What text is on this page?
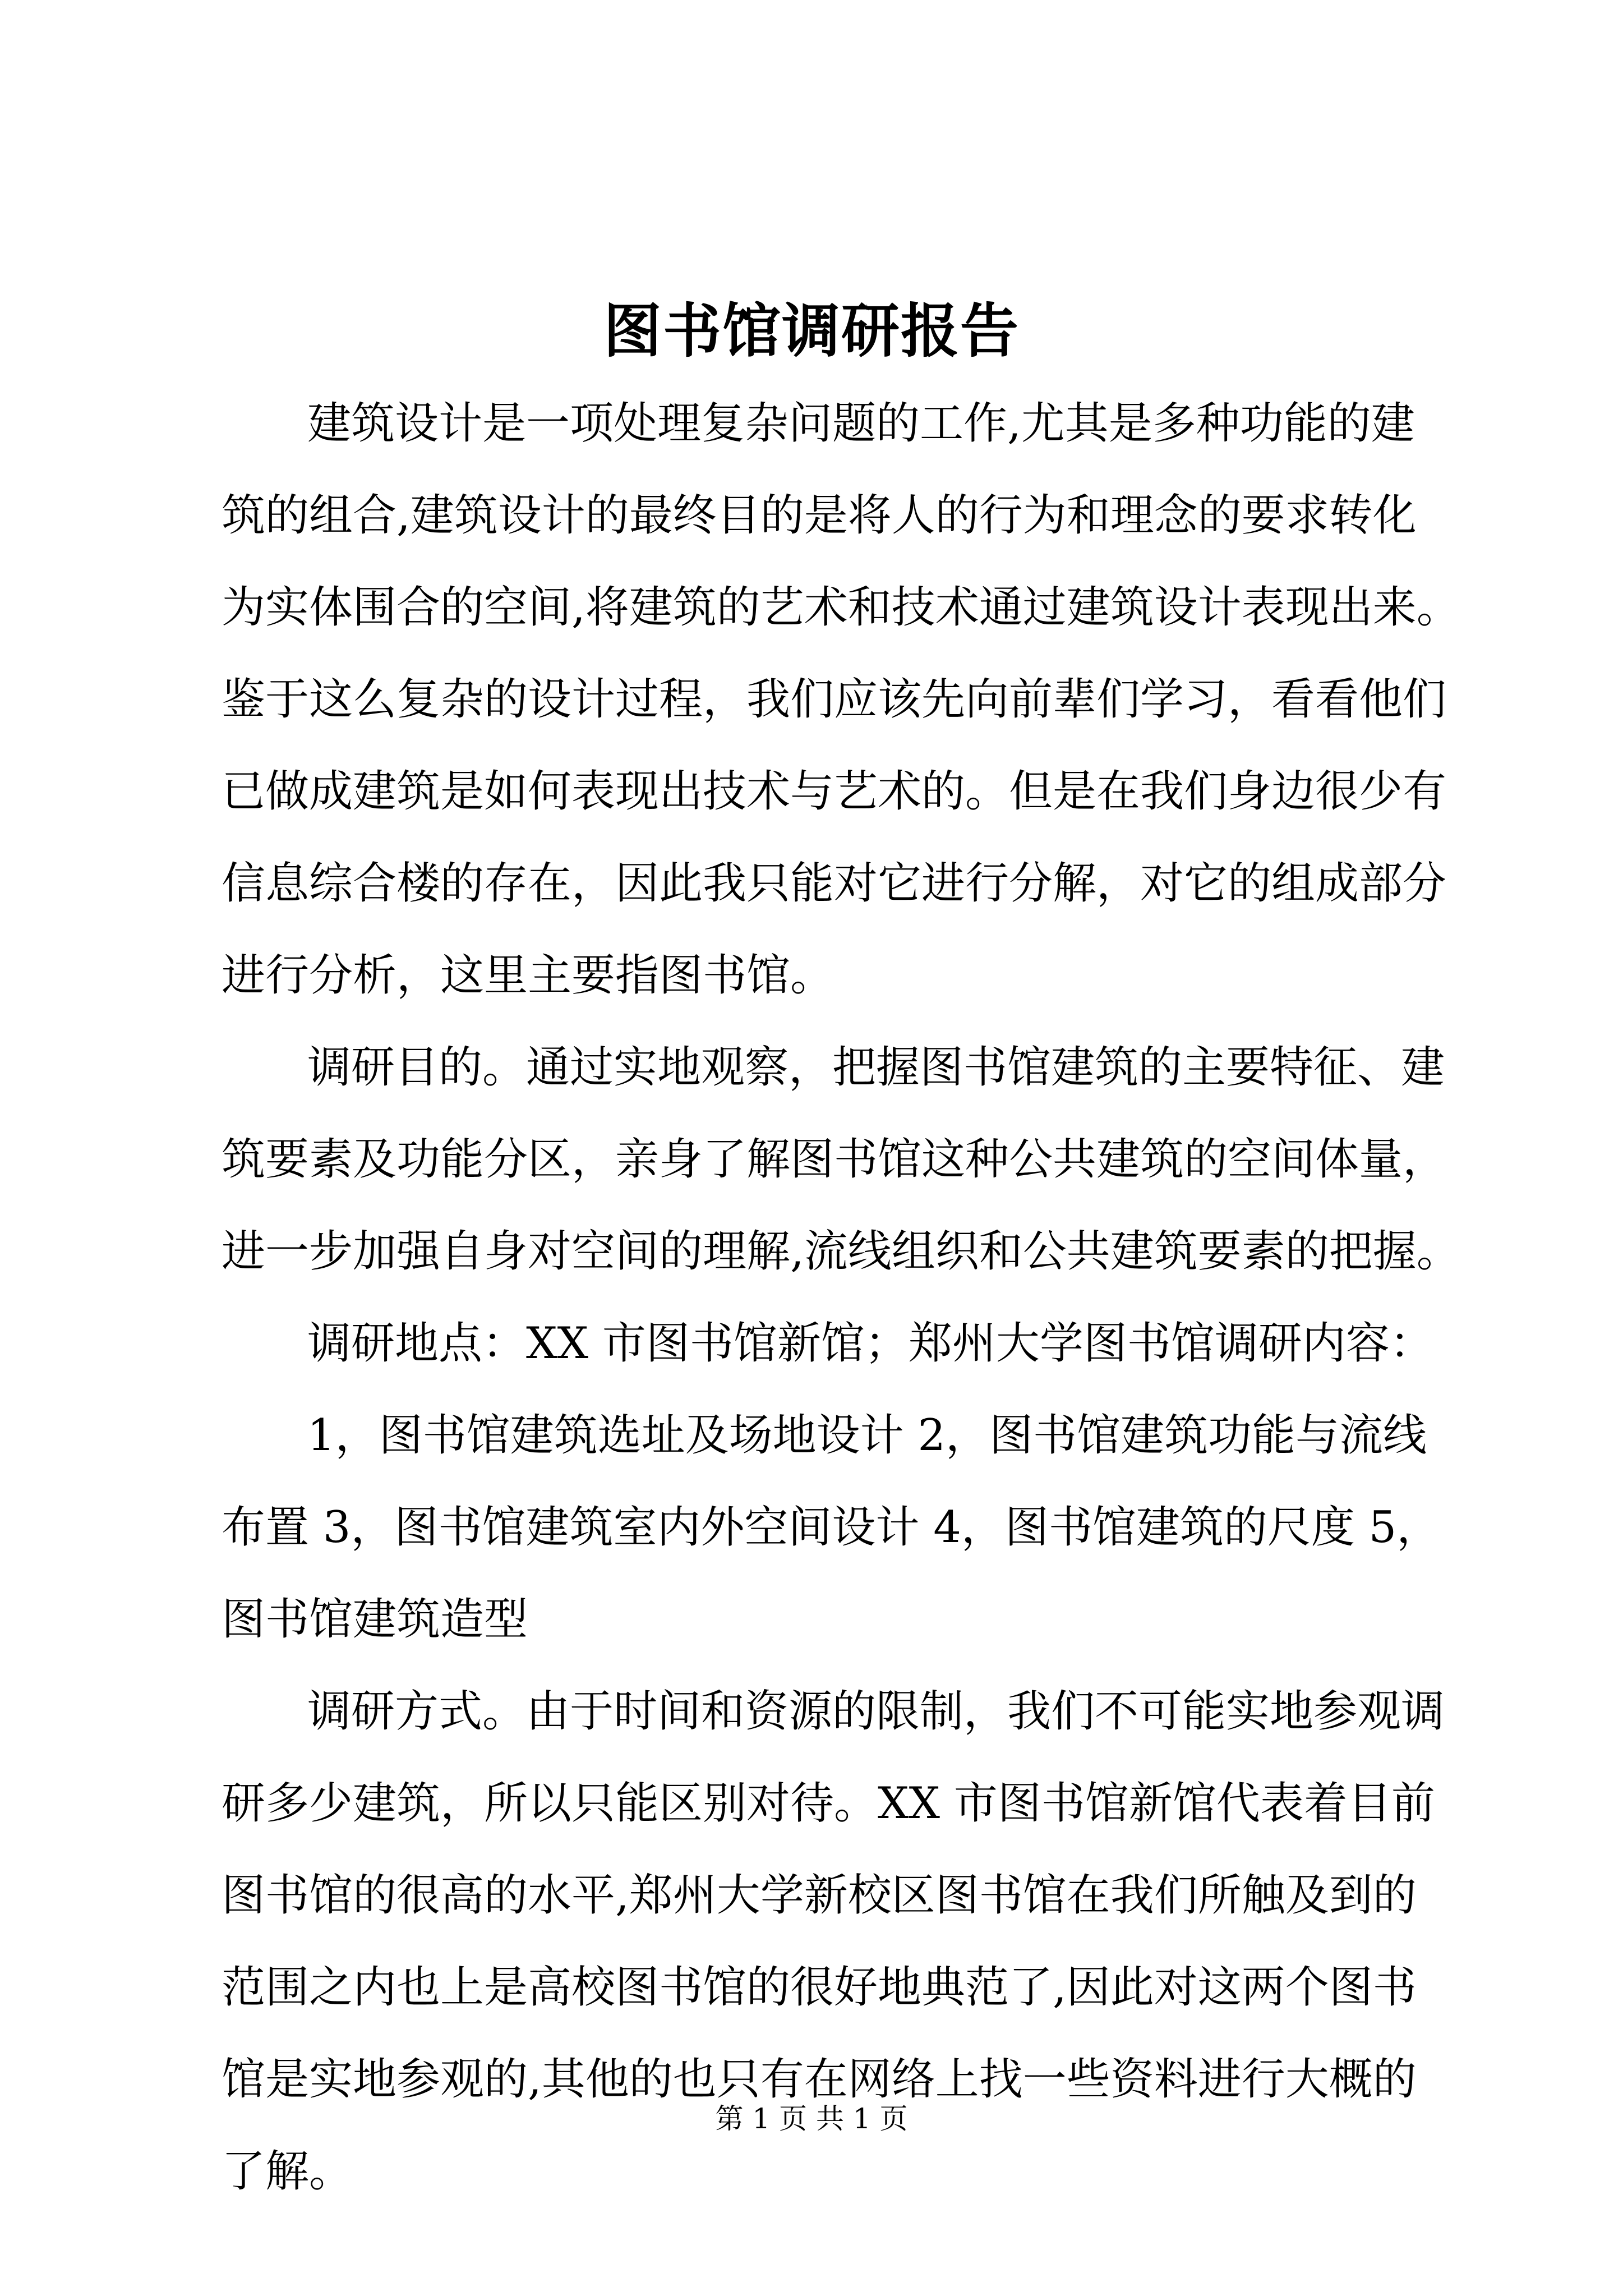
图书馆调研报告
建筑设计是一项处理复杂问题的工作,尤其是多种功能的建
筑的组合,建筑设计的最终目的是将人的行为和理念的要求转化
为实体围合的空间,将建筑的艺术和技术通过建筑设计表现出来。
鉴于这么复杂的设计过程，我们应该先向前辈们学习，看看他们
已做成建筑是如何表现出技术与艺术的。但是在我们身边很少有
信息综合楼的存在，因此我只能对它进行分解，对它的组成部分
进行分析，这里主要指图书馆。
调研目的。通过实地观察，把握图书馆建筑的主要特征、建
筑要素及功能分区，亲身了解图书馆这种公共建筑的空间体量，
进一步加强自身对空间的理解,流线组织和公共建筑要素的把握。
调研地点：XX 市图书馆新馆；郑州大学图书馆调研内容：
1，图书馆建筑选址及场地设计 2，图书馆建筑功能与流线
布置 3，图书馆建筑室内外空间设计 4，图书馆建筑的尺度 5，
图书馆建筑造型
调研方式。由于时间和资源的限制，我们不可能实地参观调
研多少建筑，所以只能区别对待。XX 市图书馆新馆代表着目前
图书馆的很高的水平,郑州大学新校区图书馆在我们所触及到的
范围之内也上是高校图书馆的很好地典范了,因此对这两个图书
馆是实地参观的,其他的也只有在网络上找一些资料进行大概的
了解。
第 1 页 共 1 页
